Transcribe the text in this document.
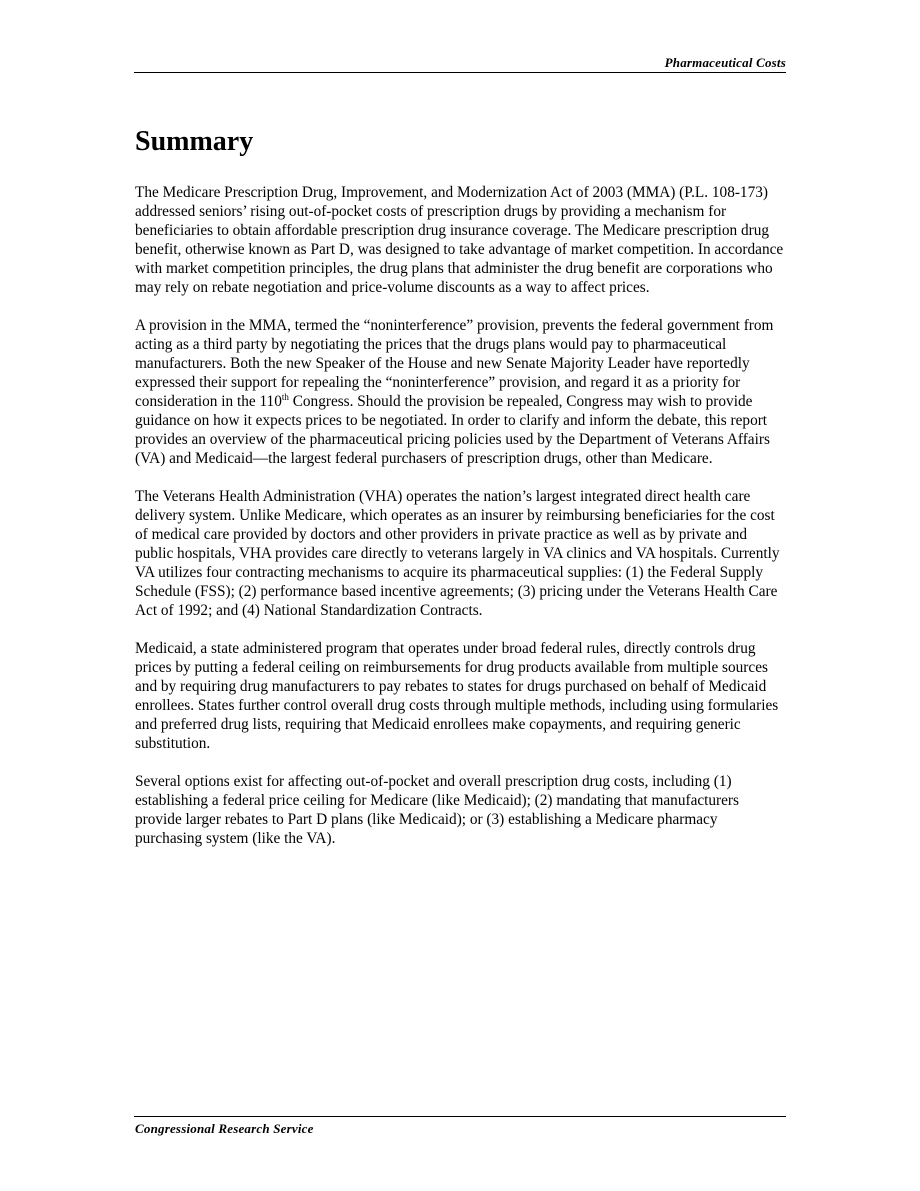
Pharmaceutical Costs
Summary

The Medicare Prescription Drug, Improvement, and Modernization Act of 2003 (MMA) (P.L. 108-173) addressed seniors’ rising out-of-pocket costs of prescription drugs by providing a mechanism for beneficiaries to obtain affordable prescription drug insurance coverage. The Medicare prescription drug benefit, otherwise known as Part D, was designed to take advantage of market competition. In accordance with market competition principles, the drug plans that administer the drug benefit are corporations who may rely on rebate negotiation and price-volume discounts as a way to affect prices.

A provision in the MMA, termed the “noninterference” provision, prevents the federal government from acting as a third party by negotiating the prices that the drugs plans would pay to pharmaceutical manufacturers. Both the new Speaker of the House and new Senate Majority Leader have reportedly expressed their support for repealing the “noninterference” provision, and regard it as a priority for consideration in the 110th Congress. Should the provision be repealed, Congress may wish to provide guidance on how it expects prices to be negotiated. In order to clarify and inform the debate, this report provides an overview of the pharmaceutical pricing policies used by the Department of Veterans Affairs (VA) and Medicaid—the largest federal purchasers of prescription drugs, other than Medicare.

The Veterans Health Administration (VHA) operates the nation’s largest integrated direct health care delivery system. Unlike Medicare, which operates as an insurer by reimbursing beneficiaries for the cost of medical care provided by doctors and other providers in private practice as well as by private and public hospitals, VHA provides care directly to veterans largely in VA clinics and VA hospitals. Currently VA utilizes four contracting mechanisms to acquire its pharmaceutical supplies: (1) the Federal Supply Schedule (FSS); (2) performance based incentive agreements; (3) pricing under the Veterans Health Care Act of 1992; and (4) National Standardization Contracts.

Medicaid, a state administered program that operates under broad federal rules, directly controls drug prices by putting a federal ceiling on reimbursements for drug products available from multiple sources and by requiring drug manufacturers to pay rebates to states for drugs purchased on behalf of Medicaid enrollees. States further control overall drug costs through multiple methods, including using formularies and preferred drug lists, requiring that Medicaid enrollees make copayments, and requiring generic substitution.

Several options exist for affecting out-of-pocket and overall prescription drug costs, including (1) establishing a federal price ceiling for Medicare (like Medicaid); (2) mandating that manufacturers provide larger rebates to Part D plans (like Medicaid); or (3) establishing a Medicare pharmacy purchasing system (like the VA).

Congressional Research Service
